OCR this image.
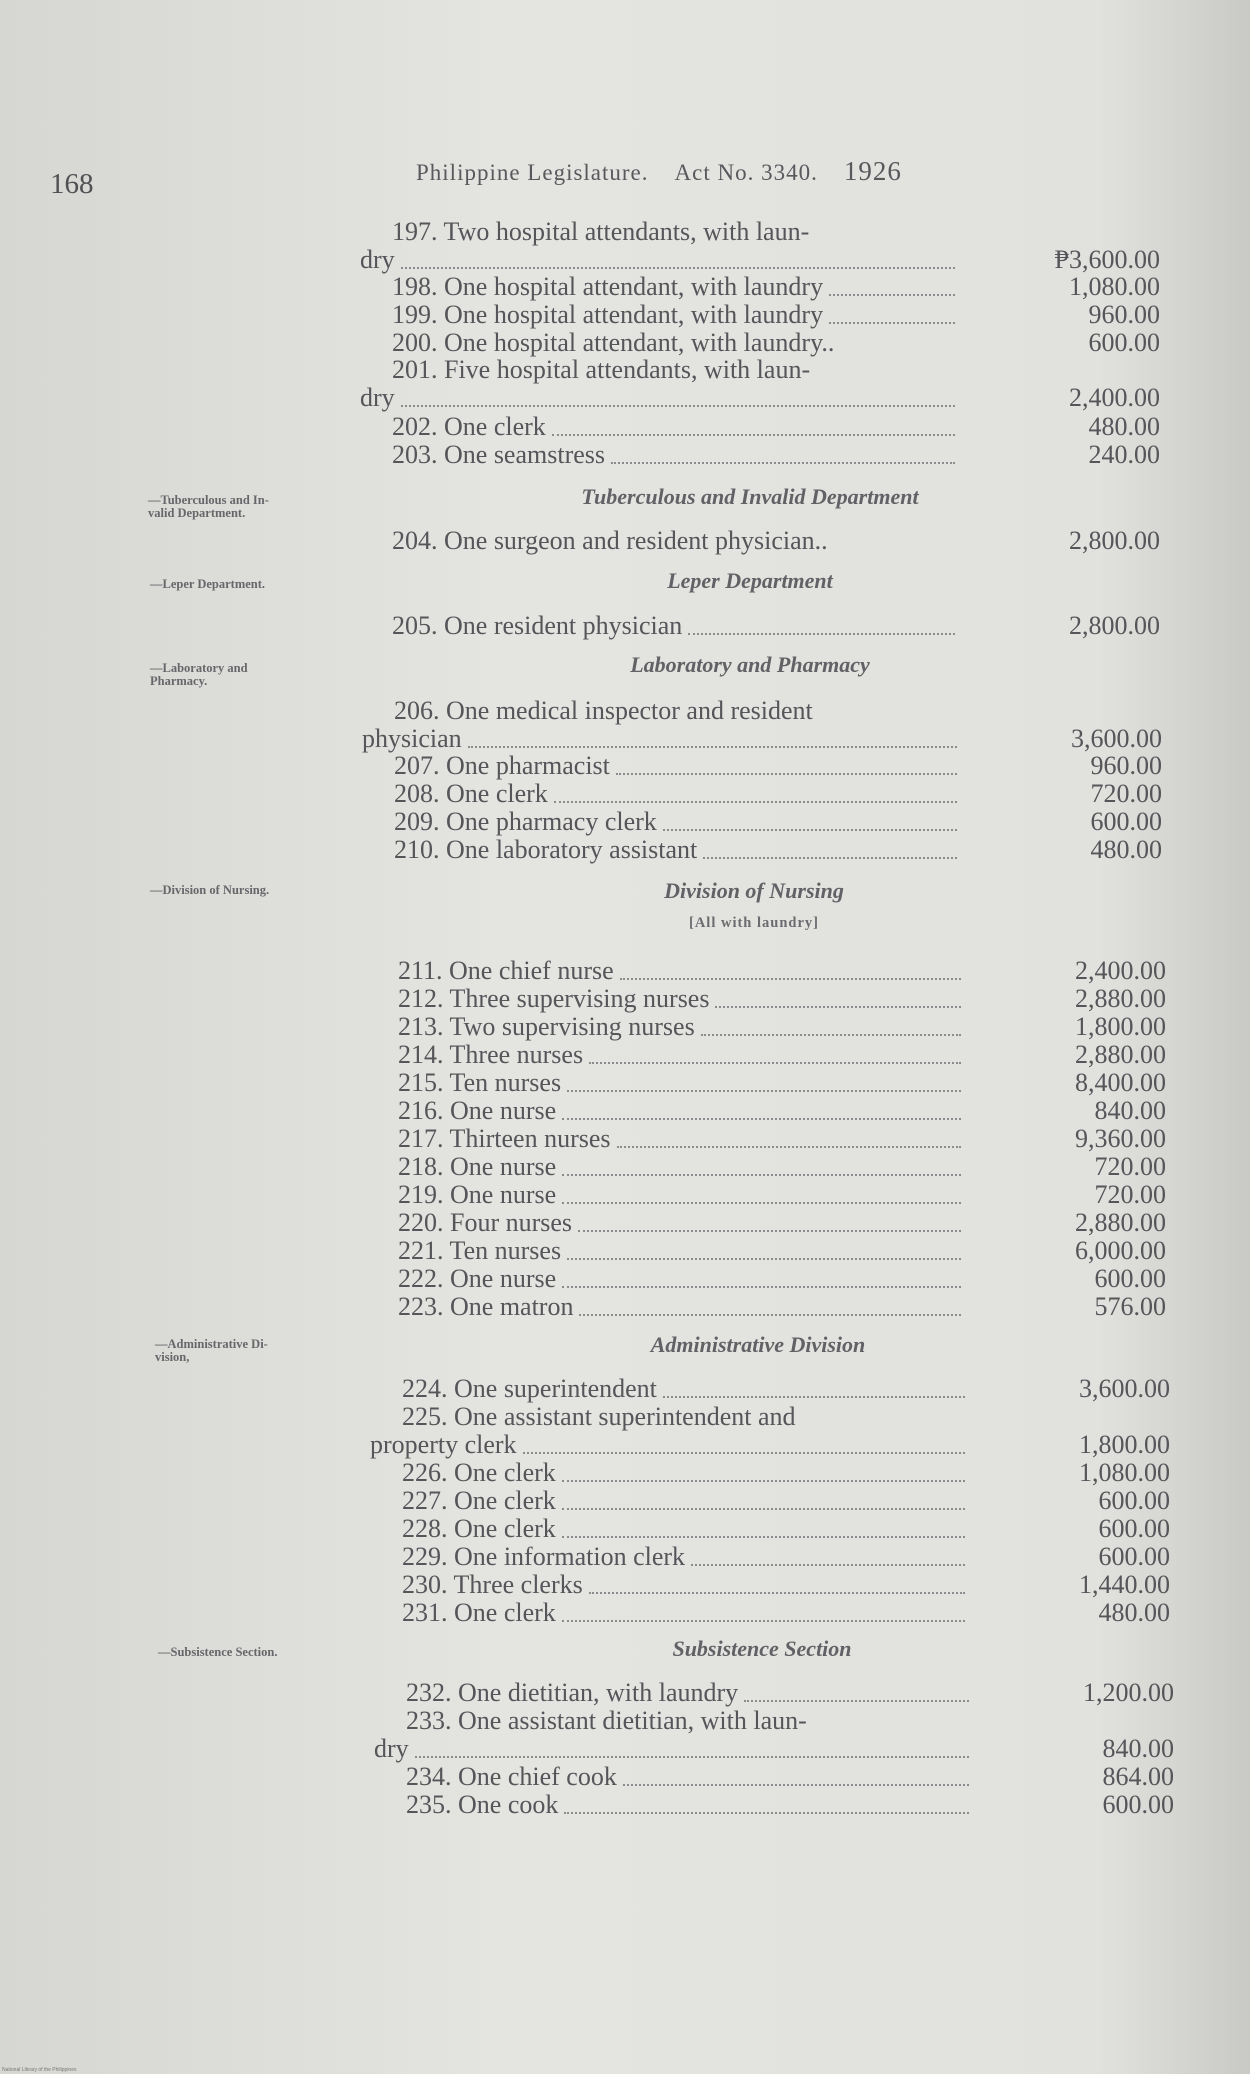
168	Philippine Legislature. Act No. 3340. 1926
Tuberculous and Invalid Department
Leper Department
Laboratory and Pharmacy
Division of Nursing
[All with laundry]
Administrative Division
Subsistence Section
—Tuberculous and In-
valid Department.
—Leper Department.
—Laboratory and
Pharmacy.
—Division of Nursing.
—Administrative Di-
vision,
—Subsistence Section.
197. Two hospital attendants, with laun-
dry	₱3,600.00
198. One hospital attendant, with laundry	1,080.00
199. One hospital attendant, with laundry	960.00
200. One hospital attendant, with laundry..	600.00
201. Five hospital attendants, with laun-
dry	2,400.00
202. One clerk	480.00
203. One seamstress	240.00
204. One surgeon and resident physician..	2,800.00
205. One resident physician	2,800.00
206. One medical inspector and resident
physician	3,600.00
207. One pharmacist	960.00
208. One clerk	720.00
209. One pharmacy clerk	600.00
210. One laboratory assistant	480.00
211. One chief nurse	2,400.00
212. Three supervising nurses	2,880.00
213. Two supervising nurses	1,800.00
214. Three nurses	2,880.00
215. Ten nurses	8,400.00
216. One nurse	840.00
217. Thirteen nurses	9,360.00
218. One nurse	720.00
219. One nurse	720.00
220. Four nurses	2,880.00
221. Ten nurses	6,000.00
222. One nurse	600.00
223. One matron	576.00
224. One superintendent	3,600.00
225. One assistant superintendent and
property clerk	1,800.00
226. One clerk	1,080.00
227. One clerk	600.00
228. One clerk	600.00
229. One information clerk	600.00
230. Three clerks	1,440.00
231. One clerk	480.00
232. One dietitian, with laundry	1,200.00
233. One assistant dietitian, with laun-
dry	840.00
234. One chief cook	864.00
235. One cook	600.00
National Library of the Philippines
